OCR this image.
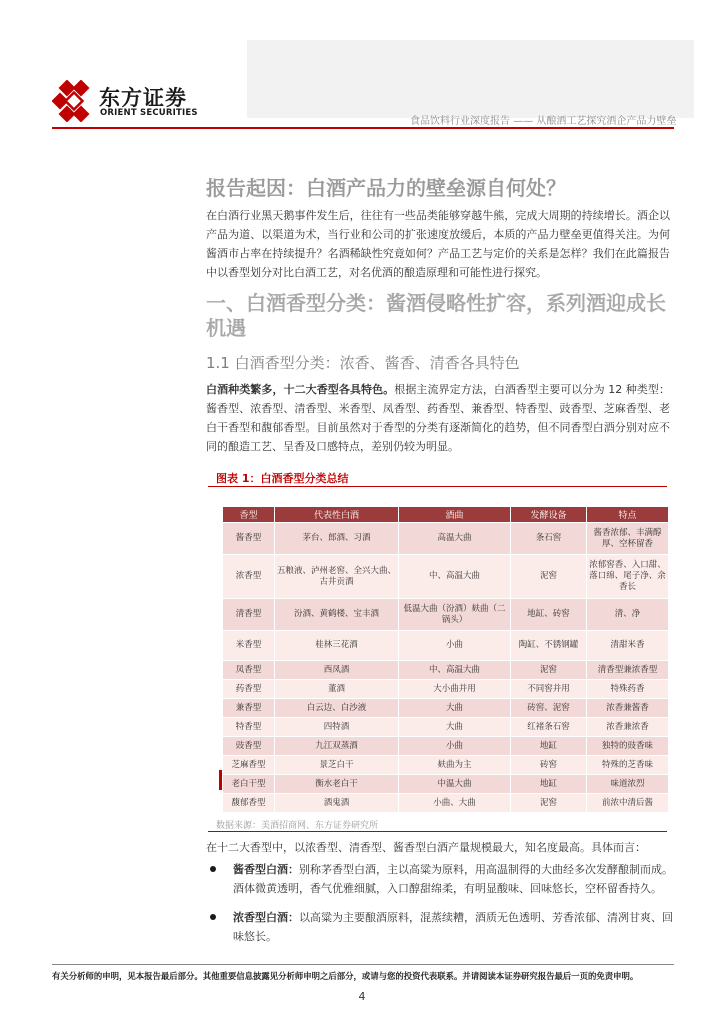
东方证劵
ORIENT SECURITIES
食品饮料行业深度报告 —— 从酿酒工艺探究酒企产品力壁垒
报告起因：白酒产品力的壁垒源自何处？

在白酒行业黑天鹅事件发生后，往往有一些品类能够穿越牛熊，完成大周期的持续增长。酒企以产品为道、以渠道为术，当行业和公司的扩张速度放缓后，本质的产品力壁垒更值得关注。为何酱酒市占率在持续提升？名酒稀缺性究竟如何？产品工艺与定价的关系是怎样？我们在此篇报告中以香型划分对比白酒工艺，对名优酒的酿造原理和可能性进行探究。

一、白酒香型分类：酱酒侵略性扩容，系列酒迎成长机遇
1.1 白酒香型分类：浓香、酱香、清香各具特色

白酒种类繁多，十二大香型各具特色。根据主流界定方法，白酒香型主要可以分为 12 种类型：酱香型、浓香型、清香型、米香型、凤香型、药香型、兼香型、特香型、豉香型、芝麻香型、老白干香型和馥郁香型。目前虽然对于香型的分类有逐渐简化的趋势，但不同香型白酒分别对应不同的酿造工艺、呈香及口感特点，差别仍较为明显。

图表 1：白酒香型分类总结
香型	代表性白酒	酒曲	发酵设备	特点
酱香型	茅台、郎酒、习酒	高温大曲	条石窖	酱香浓郁、丰满醇厚、空杯留香
浓香型	五粮液、泸州老窖、全兴大曲、古井贡酒	中、高温大曲	泥窖	浓郁窖香、入口甜、落口绵、尾子净、余香长
清香型	汾酒、黄鹤楼、宝丰酒	低温大曲（汾酒）麸曲（二锅头）	地缸、砖窖	清、净
米香型	桂林三花酒	小曲	陶缸、不锈钢罐	清甜米香
凤香型	西凤酒	中、高温大曲	泥窖	清香型兼浓香型
药香型	董酒	大小曲并用	不同窖并用	特殊药香
兼香型	白云边、白沙液	大曲	砖窖、泥窖	浓香兼酱香
特香型	四特酒	大曲	红褚条石窖	浓香兼浓香
豉香型	九江双蒸酒	小曲	地缸	独特的豉香味
芝麻香型	景芝白干	麸曲为主	砖窖	特殊的芝香味
老白干型	衡水老白干	中温大曲	地缸	味道浓烈
馥郁香型	酒鬼酒	小曲、大曲	泥窖	前浓中清后酱
数据来源：美酒招商网、东方证券研究所

在十二大香型中，以浓香型、清香型、酱香型白酒产量规模最大，知名度最高。具体而言：

酱香型白酒：别称茅香型白酒，主以高粱为原料，用高温制得的大曲经多次发酵酿制而成。酒体微黄透明，香气优雅细腻，入口醇甜绵柔，有明显酸味、回味悠长，空杯留香持久。

浓香型白酒：以高粱为主要酿酒原料，混蒸续糟，酒质无色透明、芳香浓郁、清冽甘爽、回味悠长。

有关分析师的申明，见本报告最后部分。其他重要信息披露见分析师申明之后部分，或请与您的投资代表联系。并请阅读本证券研究报告最后一页的免责申明。
4
